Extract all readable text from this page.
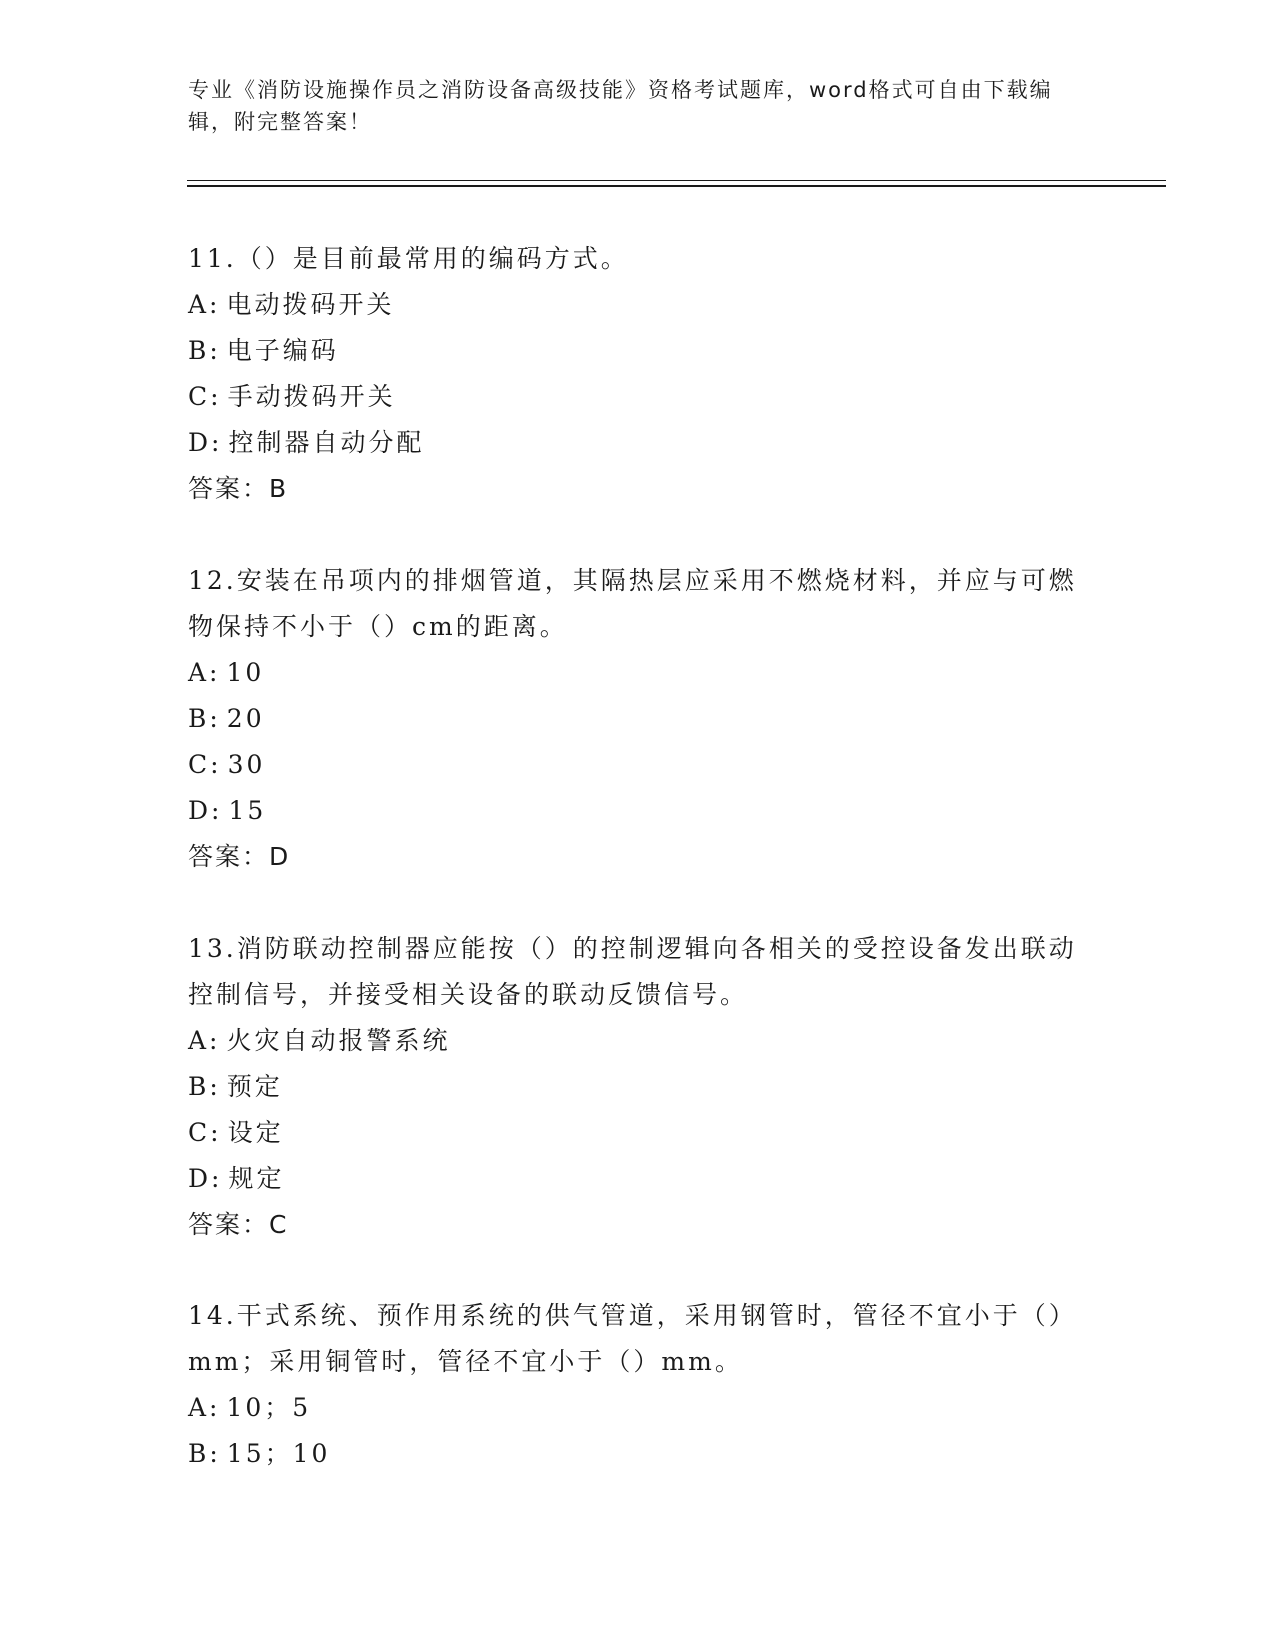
专业《消防设施操作员之消防设备高级技能》资格考试题库，word格式可自由下载编辑，附完整答案！

11.（）是目前最常用的编码方式。

A: 电动拨码开关

B: 电子编码

C: 手动拨码开关

D: 控制器自动分配

答案：B

12.安装在吊项内的排烟管道，其隔热层应采用不燃烧材料，并应与可燃物保持不小于（）cm的距离。

A: 10

B: 20

C: 30

D: 15

答案：D

13.消防联动控制器应能按（）的控制逻辑向各相关的受控设备发出联动控制信号，并接受相关设备的联动反馈信号。

A: 火灾自动报警系统

B: 预定

C: 设定

D: 规定

答案：C

14.干式系统、预作用系统的供气管道，采用钢管时，管径不宜小于（）mm；采用铜管时，管径不宜小于（）mm。

A: 10；5

B: 15；10
